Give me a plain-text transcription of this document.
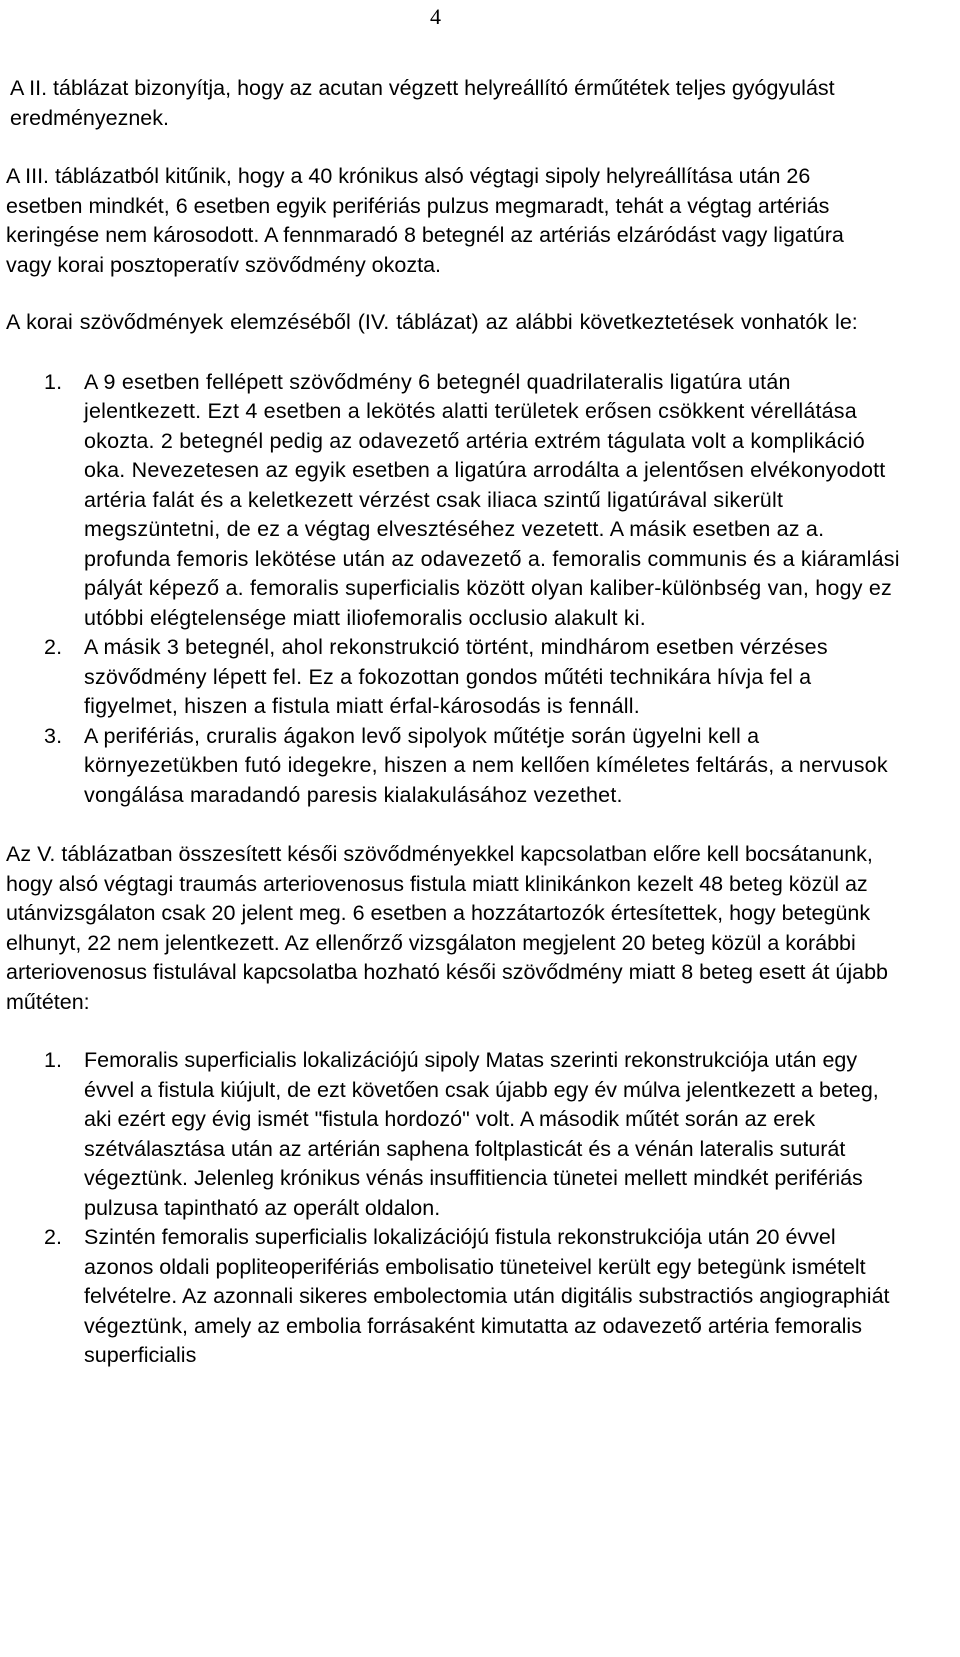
4

A II. táblázat bizonyítja, hogy az acutan végzett helyreállító érműtétek teljes gyógyulást eredményeznek.

A III. táblázatból kitűnik, hogy a 40 krónikus alsó végtagi sipoly helyreállítása után 26 esetben mindkét, 6 esetben egyik perifériás pulzus megmaradt, tehát a végtag artériás keringése nem károsodott. A fennmaradó 8 betegnél az artériás elzáródást vagy ligatúra vagy korai posztoperatív szövődmény okozta.

A korai szövődmények elemzéséből (IV. táblázat) az alábbi következtetések vonhatók le:

1. A 9 esetben fellépett szövődmény 6 betegnél quadrilateralis ligatúra után jelentkezett. Ezt 4 esetben a lekötés alatti területek erősen csökkent vérellátása okozta. 2 betegnél pedig az odavezető artéria extrém tágulata volt a komplikáció oka. Nevezetesen az egyik esetben a ligatúra arrodálta a jelentősen elvékonyodott artéria falát és a keletkezett vérzést csak iliaca szintű ligatúrával sikerült megszüntetni, de ez a végtag elvesztéséhez vezetett. A másik esetben az a. profunda femoris lekötése után az odavezető a. femoralis communis és a kiáramlási pályát képező a. femoralis superficialis között olyan kaliber-különbség van, hogy ez utóbbi elégtelensége miatt iliofemoralis occlusio alakult ki.
2. A másik 3 betegnél, ahol rekonstrukció történt, mindhárom esetben vérzéses szövődmény lépett fel. Ez a fokozottan gondos műtéti technikára hívja fel a figyelmet, hiszen a fistula miatt érfal-károsodás is fennáll.
3. A perifériás, cruralis ágakon levő sipolyok műtétje során ügyelni kell a környezetükben futó idegekre, hiszen a nem kellően kíméletes feltárás, a nervusok vongálása maradandó paresis kialakulásához vezethet.

Az V. táblázatban összesített késői szövődményekkel kapcsolatban előre kell bocsátanunk, hogy alsó végtagi traumás arteriovenosus fistula miatt klinikánkon kezelt 48 beteg közül az utánvizsgálaton csak 20 jelent meg. 6 esetben a hozzátartozók értesítettek, hogy betegünk elhunyt, 22 nem jelentkezett. Az ellenőrző vizsgálaton megjelent 20 beteg közül a korábbi arteriovenosus fistulával kapcsolatba hozható késői szövődmény miatt 8 beteg esett át újabb műtéten:

1. Femoralis superficialis lokalizációjú sipoly Matas szerinti rekonstrukciója után egy évvel a fistula kiújult, de ezt követően csak újabb egy év múlva jelentkezett a beteg, aki ezért egy évig ismét "fistula hordozó" volt. A második műtét során az erek szétválasztása után az artérián saphena foltplasticát és a vénán lateralis suturát végeztünk. Jelenleg krónikus vénás insuffitiencia tünetei mellett mindkét perifériás pulzusa tapintható az operált oldalon.
2. Szintén femoralis superficialis lokalizációjú fistula rekonstrukciója után 20 évvel azonos oldali popliteoperifériás embolisatio tüneteivel került egy betegünk ismételt felvételre. Az azonnali sikeres embolectomia után digitális substractiós angiographiát végeztünk, amely az embolia forrásaként kimutatta az odavezető artéria femoralis superficialis
